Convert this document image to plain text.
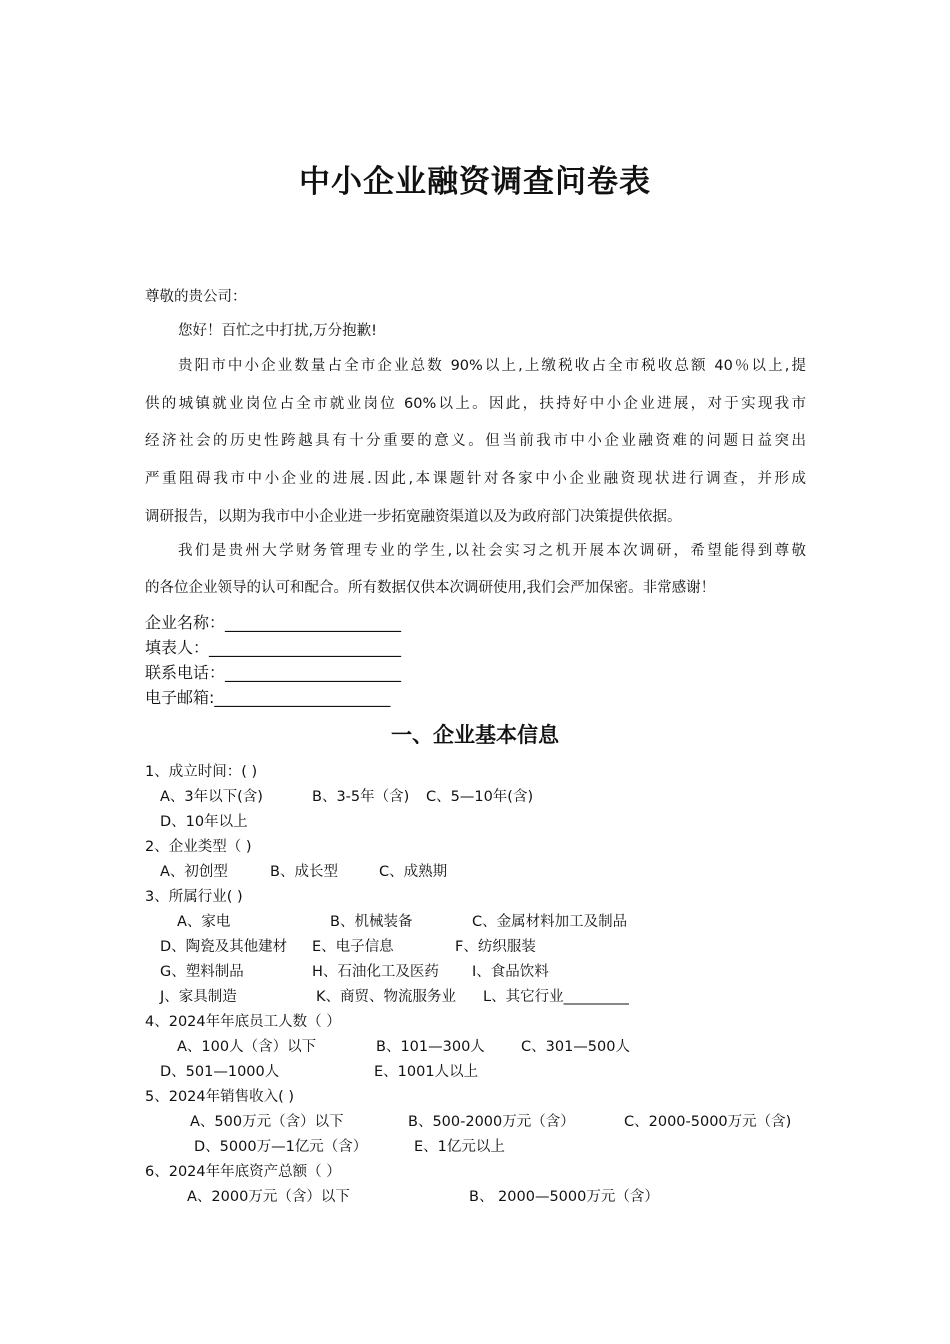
中小企业融资调查问卷表
尊敬的贵公司：
您好！百忙之中打扰,万分抱歉!
贵阳市中小企业数量占全市企业总数 90%以上,上缴税收占全市税收总额 40％以上,提
供的城镇就业岗位占全市就业岗位 60%以上。因此，扶持好中小企业进展，对于实现我市
经济社会的历史性跨越具有十分重要的意义。但当前我市中小企业融资难的问题日益突出
严重阻碍我市中小企业的进展.因此,本课题针对各家中小企业融资现状进行调查，并形成
调研报告，以期为我市中小企业进一步拓宽融资渠道以及为政府部门决策提供依据。
我们是贵州大学财务管理专业的学生,以社会实习之机开展本次调研，希望能得到尊敬
的各位企业领导的认可和配合。所有数据仅供本次调研使用,我们会严加保密。非常感谢！
企业名称：______________________
填表人：________________________
联系电话：______________________
电子邮箱:______________________
一、企业基本信息
1、成立时间：( )
A、3年以下(含)	B、3-5年（含) C、5—10年(含)
D、10年以上
2、企业类型（ )
A、初创型	B、成长型	C、成熟期
3、所属行业( )
A、家电	B、机械装备	C、金属材料加工及制品
D、陶瓷及其他建材 E、电子信息	F、纺织服装
G、塑料制品	H、石油化工及医药 I、食品饮料
J、家具制造	K、商贸、物流服务业 L、其它行业_________
4、2024年年底员工人数（ ）
A、100人（含）以下	B、101—300人 C、301—500人
D、501—1000人	E、1001人以上
5、2024年销售收入( )
A、500万元（含）以下	B、500-2000万元（含）	C、2000-5000万元（含)
D、5000万—1亿元（含）	E、1亿元以上
6、2024年年底资产总额（ ）
A、2000万元（含）以下	B、 2000—5000万元（含）
